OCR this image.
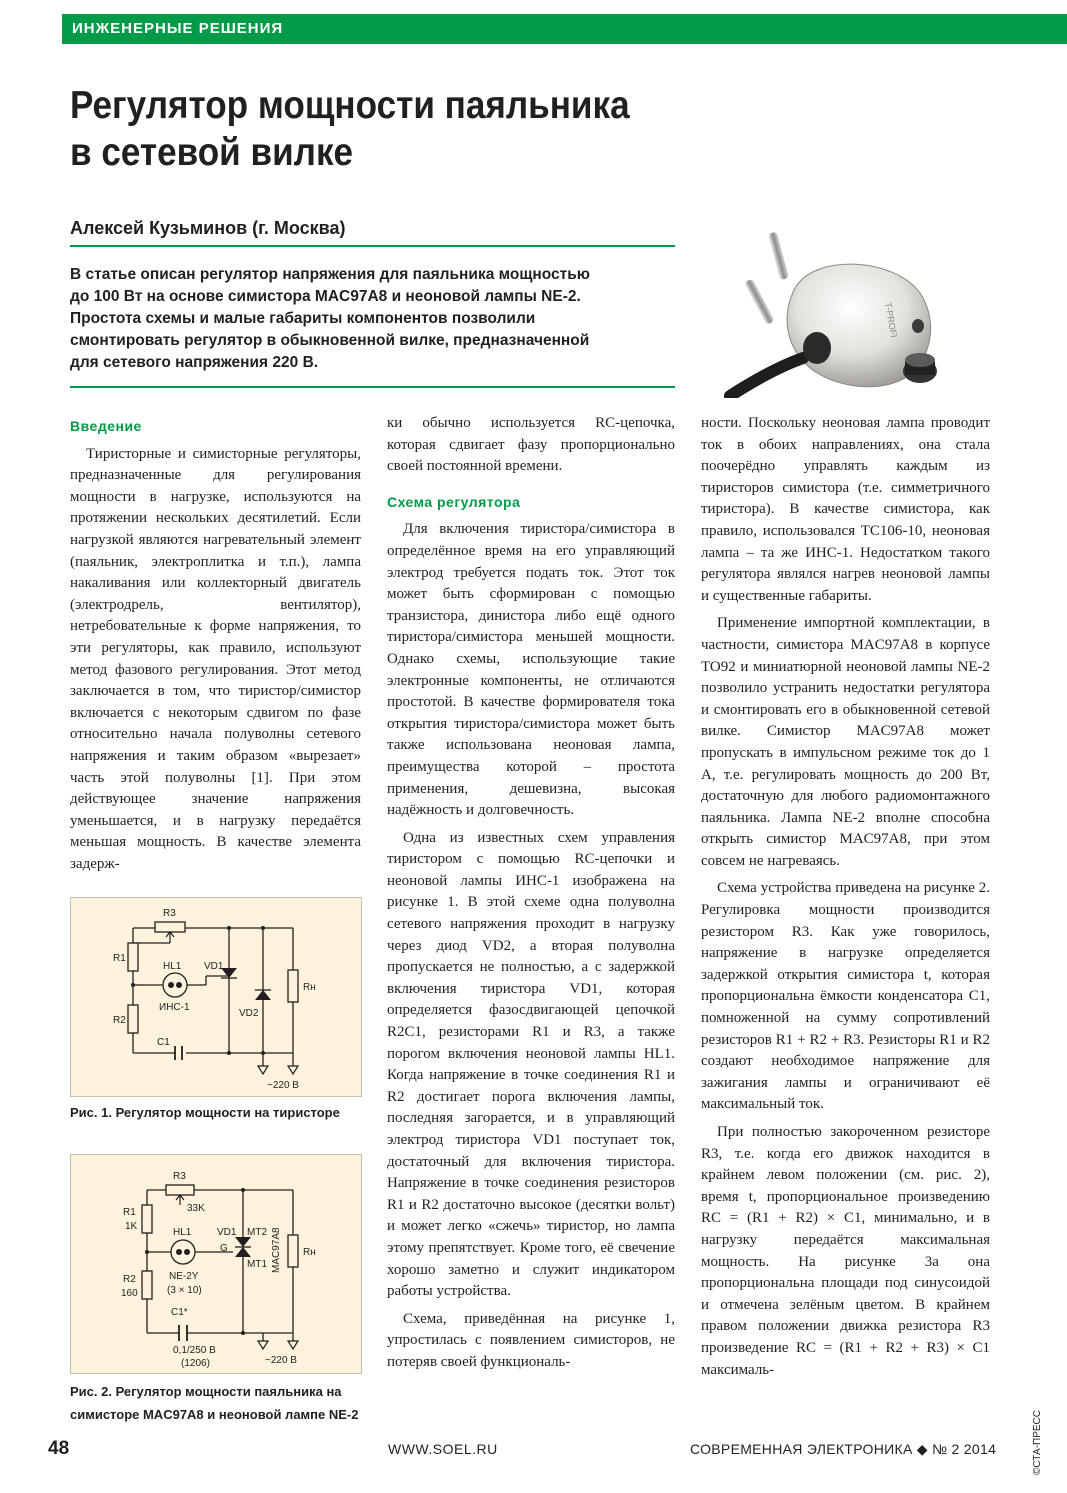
ИНЖЕНЕРНЫЕ РЕШЕНИЯ
Регулятор мощности паяльника
в сетевой вилке

Алексей Кузьминов (г. Москва)

В статье описан регулятор напряжения для паяльника мощностью
до 100 Вт на основе симистора MAC97A8 и неоновой лампы NE-2.
Простота схемы и малые габариты компонентов позволили
смонтировать регулятор в обыкновенной вилке, предназначенной
для сетевого напряжения 220 В.
T-PROFI
Введение

Тиристорные и симисторные регуляторы, предназначенные для регулирования мощности в нагрузке, используются на протяжении нескольких десятилетий. Если нагрузкой являются нагревательный элемент (паяльник, электроплитка и т.п.), лампа накаливания или коллекторный двигатель (электродрель, вентилятор), нетребовательные к форме напряжения, то эти регуляторы, как правило, используют метод фазового регулирования. Этот метод заключается в том, что тиристор/симистор включается с некоторым сдвигом по фазе относительно начала полуволны сетевого напряжения и таким образом «вырезает» часть этой полуволны [1]. При этом действующее значение напряжения уменьшается, и в нагрузку передаётся меньшая мощность. В качестве элемента задерж-

R3
R1
R2
HL1
ИНС-1
VD1
VD2
C1
Rн
~220 В
Рис. 1. Регулятор мощности на тиристоре
R3
33K
R1
1K
R2
160
HL1
NE-2Y
(3 × 10)
VD1
G
MT2
MT1 MAC97A8 Rн
C1*
0,1/250 В
(1206)	~220 В
Рис. 2. Регулятор мощности паяльника на
симисторе MAC97A8 и неоновой лампе NE-2

ки обычно используется RC-цепочка, которая сдвигает фазу пропорционально своей постоянной времени.

Схема регулятора

Для включения тиристора/симистора в определённое время на его управляющий электрод требуется подать ток. Этот ток может быть сформирован с помощью транзистора, динистора либо ещё одного тиристора/симистора меньшей мощности. Однако схемы, использующие такие электронные компоненты, не отличаются простотой. В качестве формирователя тока открытия тиристора/симистора может быть также использована неоновая лампа, преимущества которой – простота применения, дешевизна, высокая надёжность и долговечность.

Одна из известных схем управления тиристором с помощью RC-цепочки и неоновой лампы ИНС-1 изображена на рисунке 1. В этой схеме одна полуволна сетевого напряжения проходит в нагрузку через диод VD2, а вторая полуволна пропускается не полностью, а с задержкой включения тиристора VD1, которая определяется фазосдвигающей цепочкой R2C1, резисторами R1 и R3, а также порогом включения неоновой лампы HL1. Когда напряжение в точке соединения R1 и R2 достигает порога включения лампы, последняя загорается, и в управляющий электрод тиристора VD1 поступает ток, достаточный для включения тиристора. Напряжение в точке соединения резисторов R1 и R2 достаточно высокое (десятки вольт) и может легко «сжечь» тиристор, но лампа этому препятствует. Кроме того, её свечение хорошо заметно и служит индикатором работы устройства.

Схема, приведённая на рисунке 1, упростилась с появлением симисторов, не потеряв своей функциональ-

ности. Поскольку неоновая лампа проводит ток в обоих направлениях, она стала поочерёдно управлять каждым из тиристоров симистора (т.е. симметричного тиристора). В качестве симистора, как правило, использовался ТС106-10, неоновая лампа – та же ИНС-1. Недостатком такого регулятора являлся нагрев неоновой лампы и существенные габариты.

Применение импортной комплектации, в частности, симистора MAC97A8 в корпусе TO92 и миниатюрной неоновой лампы NE-2 позволило устранить недостатки регулятора и смонтировать его в обыкновенной сетевой вилке. Симистор MAC97A8 может пропускать в импульсном режиме ток до 1 А, т.е. регулировать мощность до 200 Вт, достаточную для любого радиомонтажного паяльника. Лампа NE-2 вполне способна открыть симистор MAC97A8, при этом совсем не нагреваясь.

Схема устройства приведена на рисунке 2. Регулировка мощности производится резистором R3. Как уже говорилось, напряжение в нагрузке определяется задержкой открытия симистора t, которая пропорциональна ёмкости конденсатора C1, помноженной на сумму сопротивлений резисторов R1 + R2 + R3. Резисторы R1 и R2 создают необходимое напряжение для зажигания лампы и ограничивают её максимальный ток.

При полностью закороченном резисторе R3, т.е. когда его движок находится в крайнем левом положении (см. рис. 2), время t, пропорциональное произведению RC = (R1 + R2) × C1, минимально, и в нагрузку передаётся максимальная мощность. На рисунке 3а она пропорциональна площади под синусоидой и отмечена зелёным цветом. В крайнем правом положении движка резистора R3 произведение RC = (R1 + R2 + R3) × C1 максималь-

48	WWW.SOEL.RU	СОВРЕМЕННАЯ ЭЛЕКТРОНИКА ◆ № 2 2014	©СТА-ПРЕСС
